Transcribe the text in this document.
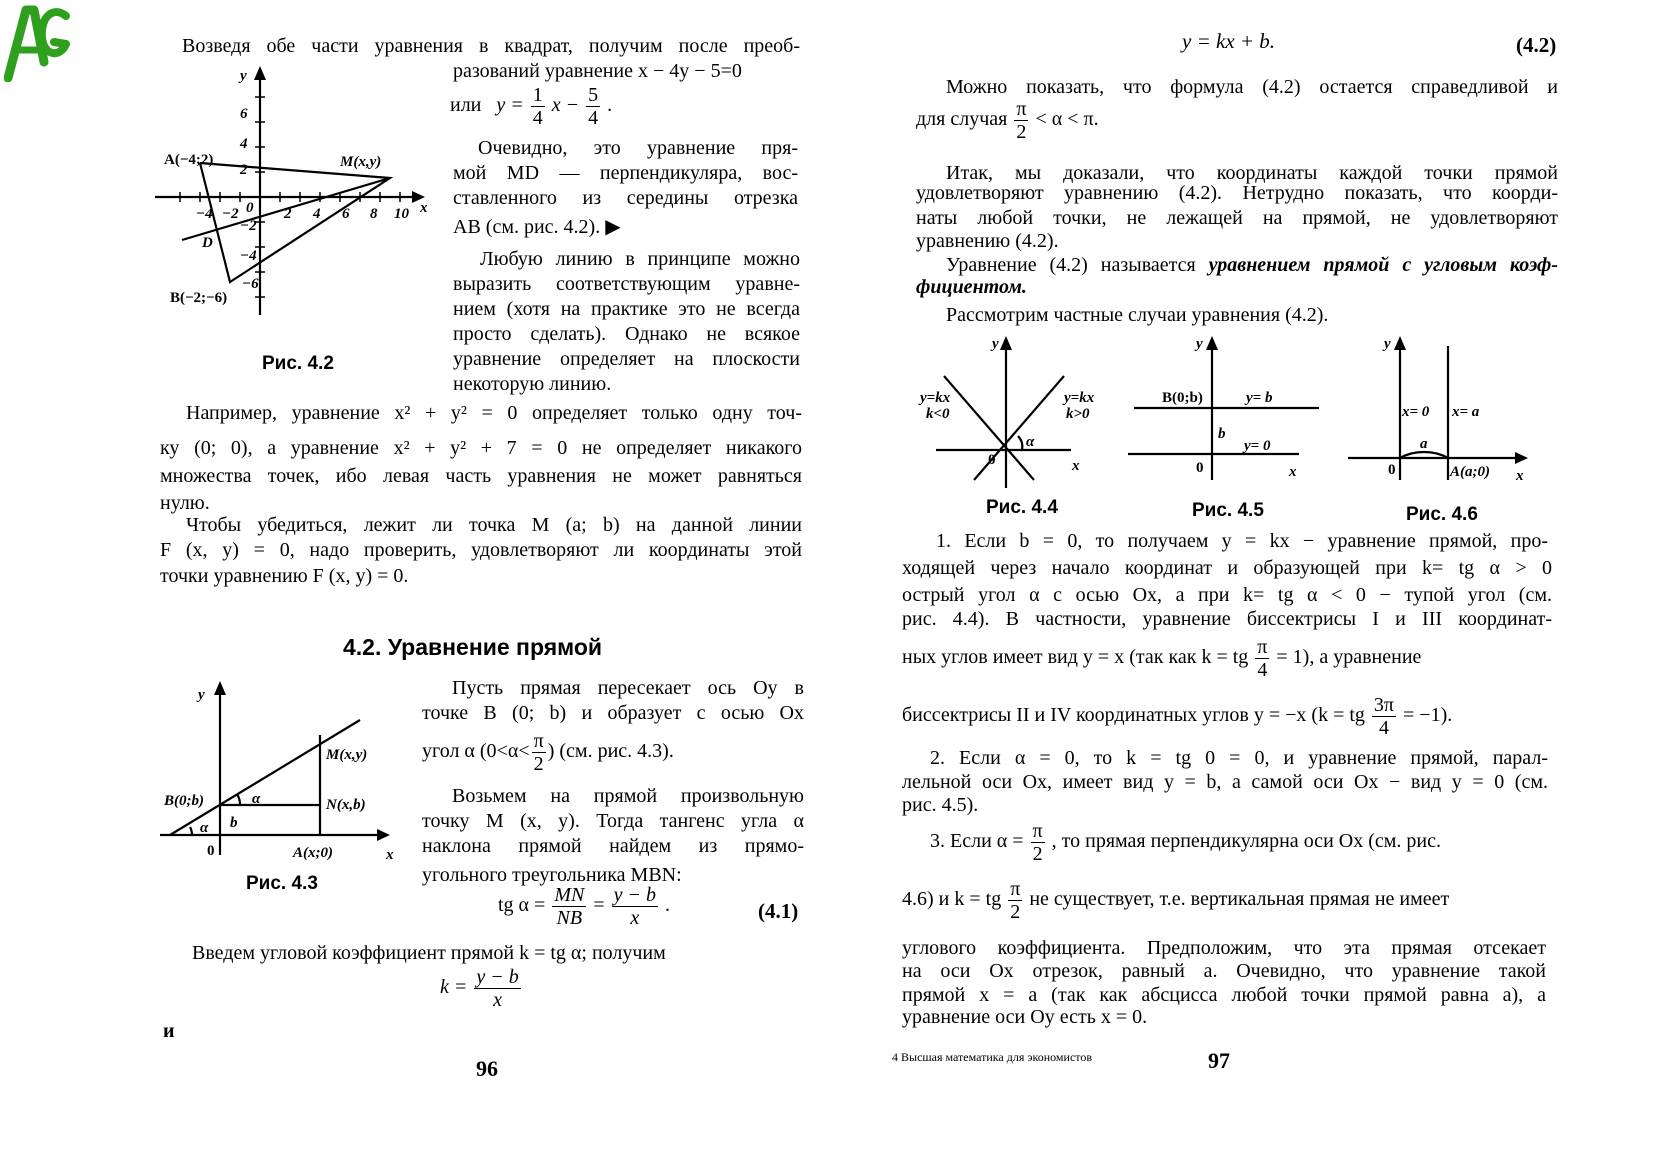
Возведя обе части уравнения в квадрат, получим после преоб-

разований уравнение x − 4y − 5=0

или $y = \frac{1}{4}$ $x - \frac{5}{4}$ .

Очевидно, это уравнение пря-

мой MD — перпендикуляра, вос-

ставленного из середины отрезка

AB (см. рис. 4.2). ▶

Любую линию в принципе можно

выразить соответствующим уравне-

нием (хотя на практике это не всегда

просто сделать). Однако не всякое

уравнение определяет на плоскости

некоторую линию.

x
y
A(−4;2)
B(−2;−6)
M(x,y)
D
−4 −2 0 2 4 6 8 10
6
4
2
−2
−4
−6
Рис. 4.2

Например, уравнение x² + y² = 0 определяет только одну точ-

ку (0; 0), а уравнение x² + y² + 7 = 0 не определяет никакого

множества точек, ибо левая часть уравнения не может равняться

нулю.

Чтобы убедиться, лежит ли точка M (a; b) на данной линии

F (x, y) = 0, надо проверить, удовлетворяют ли координаты этой

точки уравнению F (x, y) = 0.

4.2. Уравнение прямой
y
x
0
M(x,y)
N(x,b)
B(0;b)
A(x;0)
α
α b
Рис. 4.3

Пусть прямая пересекает ось Oy в

точке B (0; b) и образует с осью Ox

угол α ($0<\alpha< \frac{\pi}{2}$ ) (см. рис. 4.3).

Возьмем на прямой произвольную

точку M (x, y). Тогда тангенс угла α

наклона прямой найдем из прямо-

угольного треугольника MBN:

tg $\alpha = \frac{MN}{NB} = \frac{y - b}{x}$ .	(4.1)

Введем угловой коэффициент прямой k = tg α; получим

$k = \frac{y - b}{x}$

и

96
y = kx + b.	(4.2)

Можно показать, что формула (4.2) остается справедливой и

для случая $\frac{\pi}{2} < \alpha < \pi$.

Итак, мы доказали, что координаты каждой точки прямой

удовлетворяют уравнению (4.2). Нетрудно показать, что коорди-

наты любой точки, не лежащей на прямой, не удовлетворяют

уравнению (4.2).

Уравнение (4.2) называется уравнением прямой с угловым коэф-

фициентом.

Рассмотрим частные случаи уравнения (4.2).

y
x
0
y=kx
k<0
y=kx
k>0
α
Рис. 4.4
y
x
0
B(0;b)	y= b
y= 0
b
Рис. 4.5
y
x
0
x= 0 x= a
a
A(a;0)
Рис. 4.6

1. Если b = 0, то получаем y = kx − уравнение прямой, про-

ходящей через начало координат и образующей при k= tg α > 0

острый угол α с осью Ox, а при k= tg α < 0 − тупой угол (см.

рис. 4.4). В частности, уравнение биссектрисы I и III координат-

ных углов имеет вид y = x (так как k = tg $\frac{\pi}{4} = 1$), а уравнение
биссектрисы II и IV координатных углов y = −x (k = tg $\frac{3\pi}{4} = -1$).

2. Если α = 0, то k = tg 0 = 0, и уравнение прямой, парал-

лельной оси Ox, имеет вид y = b, а самой оси Ox − вид y = 0 (см.

рис. 4.5).

3. Если $\alpha = \frac{\pi}{2}$ , то прямая перпендикулярна оси Ox (см. рис.
4.6) и k = tg $\frac{\pi}{2}$ не существует, т.е. вертикальная прямая не имеет

углового коэффициента. Предположим, что эта прямая отсекает

на оси Ox отрезок, равный a. Очевидно, что уравнение такой

прямой x = a (так как абсцисса любой точки прямой равна a), а

уравнение оси Oy есть x = 0.

4 Высшая математика для экономистов	97
